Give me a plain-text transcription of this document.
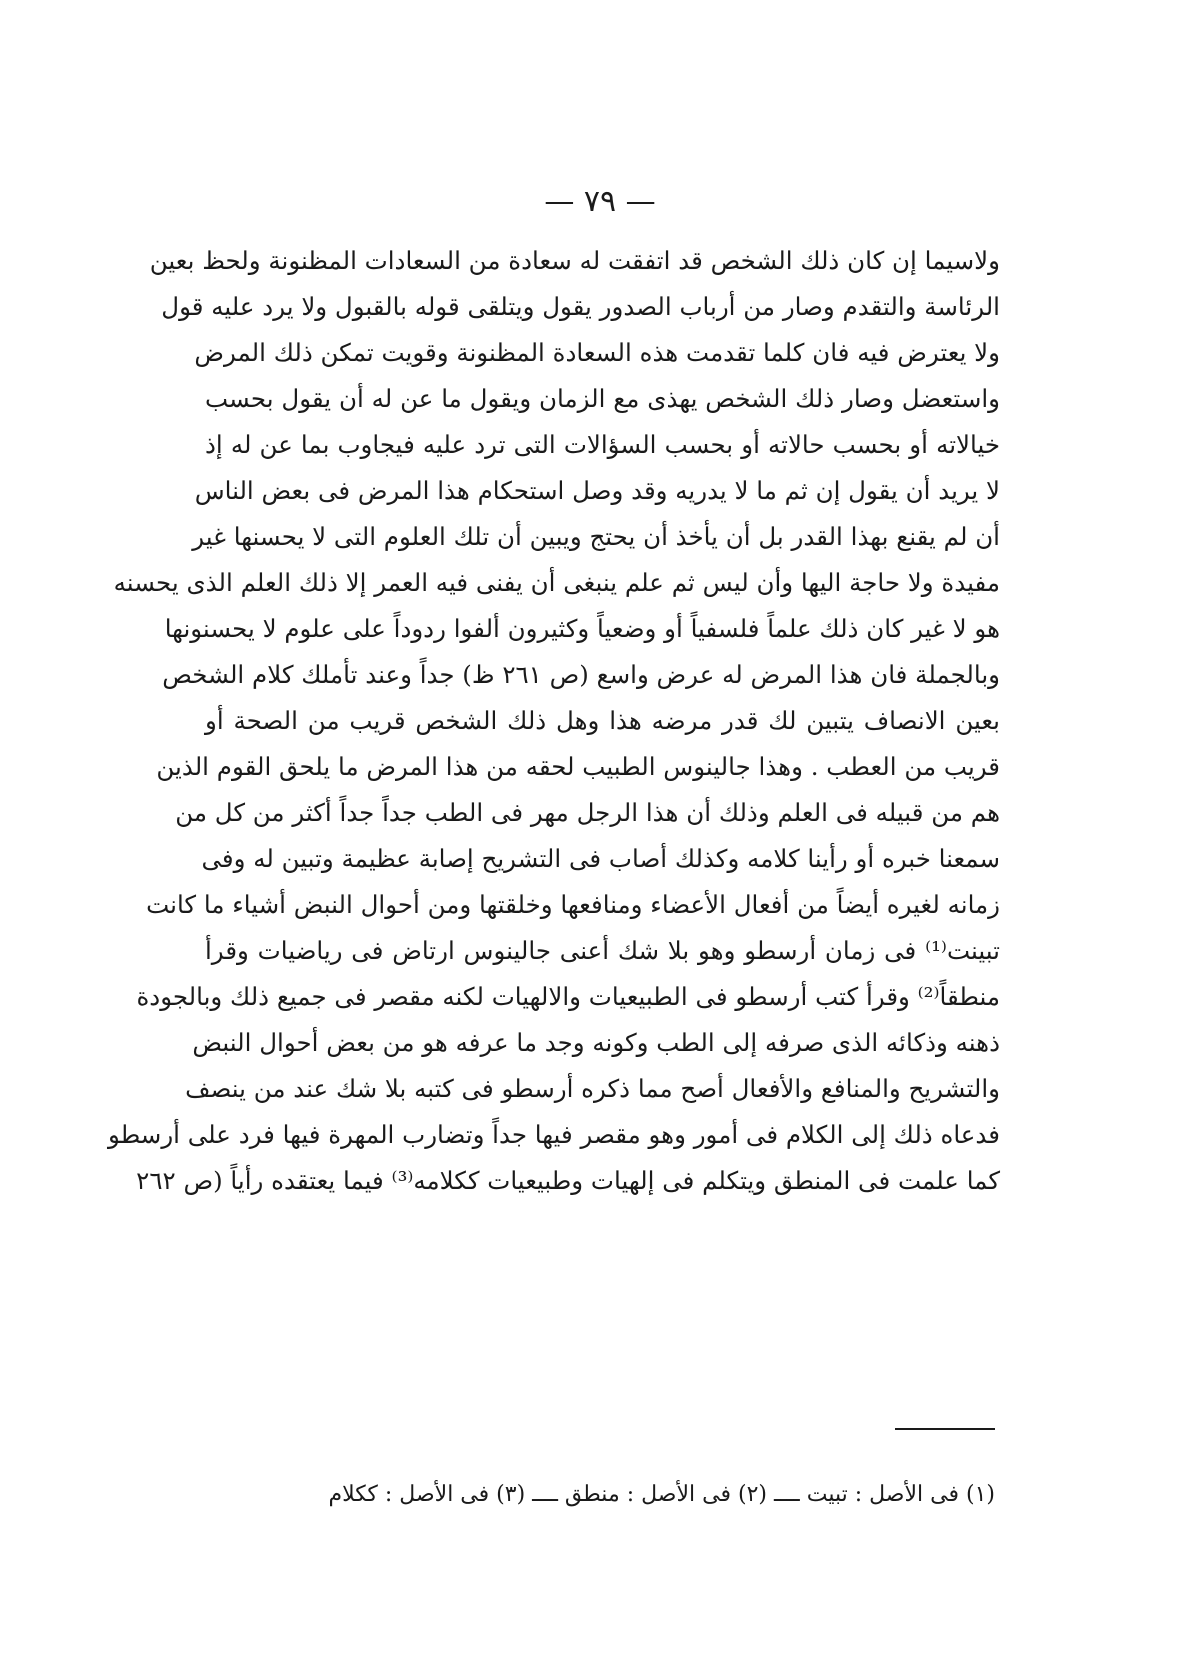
— ٧٩ —
ولاسيما إن كان ذلك الشخص قد اتفقت له سعادة من السعادات المظنونة ولحظ بعين
الرئاسة والتقدم وصار من أرباب الصدور يقول ويتلقى قوله بالقبول ولا يرد عليه قول
ولا يعترض فيه فان كلما تقدمت هذه السعادة المظنونة وقويت تمكن ذلك المرض
واستعضل وصار ذلك الشخص يهذى مع الزمان ويقول ما عن له أن يقول بحسب
خيالاته أو بحسب حالاته أو بحسب السؤالات التى ترد عليه فيجاوب بما عن له إذ
لا يريد أن يقول إن ثم ما لا يدريه وقد وصل استحكام هذا المرض فى بعض الناس
أن لم يقنع بهذا القدر بل أن يأخذ أن يحتج ويبين أن تلك العلوم التى لا يحسنها غير
مفيدة ولا حاجة اليها وأن ليس ثم علم ينبغى أن يفنى فيه العمر إلا ذلك العلم الذى يحسنه
هو لا غير كان ذلك علماً فلسفياً أو وضعياً وكثيرون ألفوا ردوداً على علوم لا يحسنونها
وبالجملة فان هذا المرض له عرض واسع (ص ٢٦١ ظ) جداً وعند تأملك كلام الشخص
بعين الانصاف يتبين لك قدر مرضه هذا وهل ذلك الشخص قريب من الصحة أو
قريب من العطب . وهذا جالينوس الطبيب لحقه من هذا المرض ما يلحق القوم الذين
هم من قبيله فى العلم وذلك أن هذا الرجل مهر فى الطب جداً جداً أكثر من كل من
سمعنا خبره أو رأينا كلامه وكذلك أصاب فى التشريح إصابة عظيمة وتبين له وفى
زمانه لغيره أيضاً من أفعال الأعضاء ومنافعها وخلقتها ومن أحوال النبض أشياء ما كانت
تبينت⁽¹⁾ فى زمان أرسطو وهو بلا شك أعنى جالينوس ارتاض فى رياضيات وقرأ
منطقاً⁽²⁾ وقرأ كتب أرسطو فى الطبيعيات والالهيات لكنه مقصر فى جميع ذلك وبالجودة
ذهنه وذكائه الذى صرفه إلى الطب وكونه وجد ما عرفه هو من بعض أحوال النبض
والتشريح والمنافع والأفعال أصح مما ذكره أرسطو فى كتبه بلا شك عند من ينصف
فدعاه ذلك إلى الكلام فى أمور وهو مقصر فيها جداً وتضارب المهرة فيها فرد على أرسطو
كما علمت فى المنطق ويتكلم فى إلهيات وطبيعيات ككلامه⁽³⁾ فيما يعتقده رأياً (ص ٢٦٢
(١) فى الأصل : تبيت ــــ (٢) فى الأصل : منطق ــــ (٣) فى الأصل : ككلام
